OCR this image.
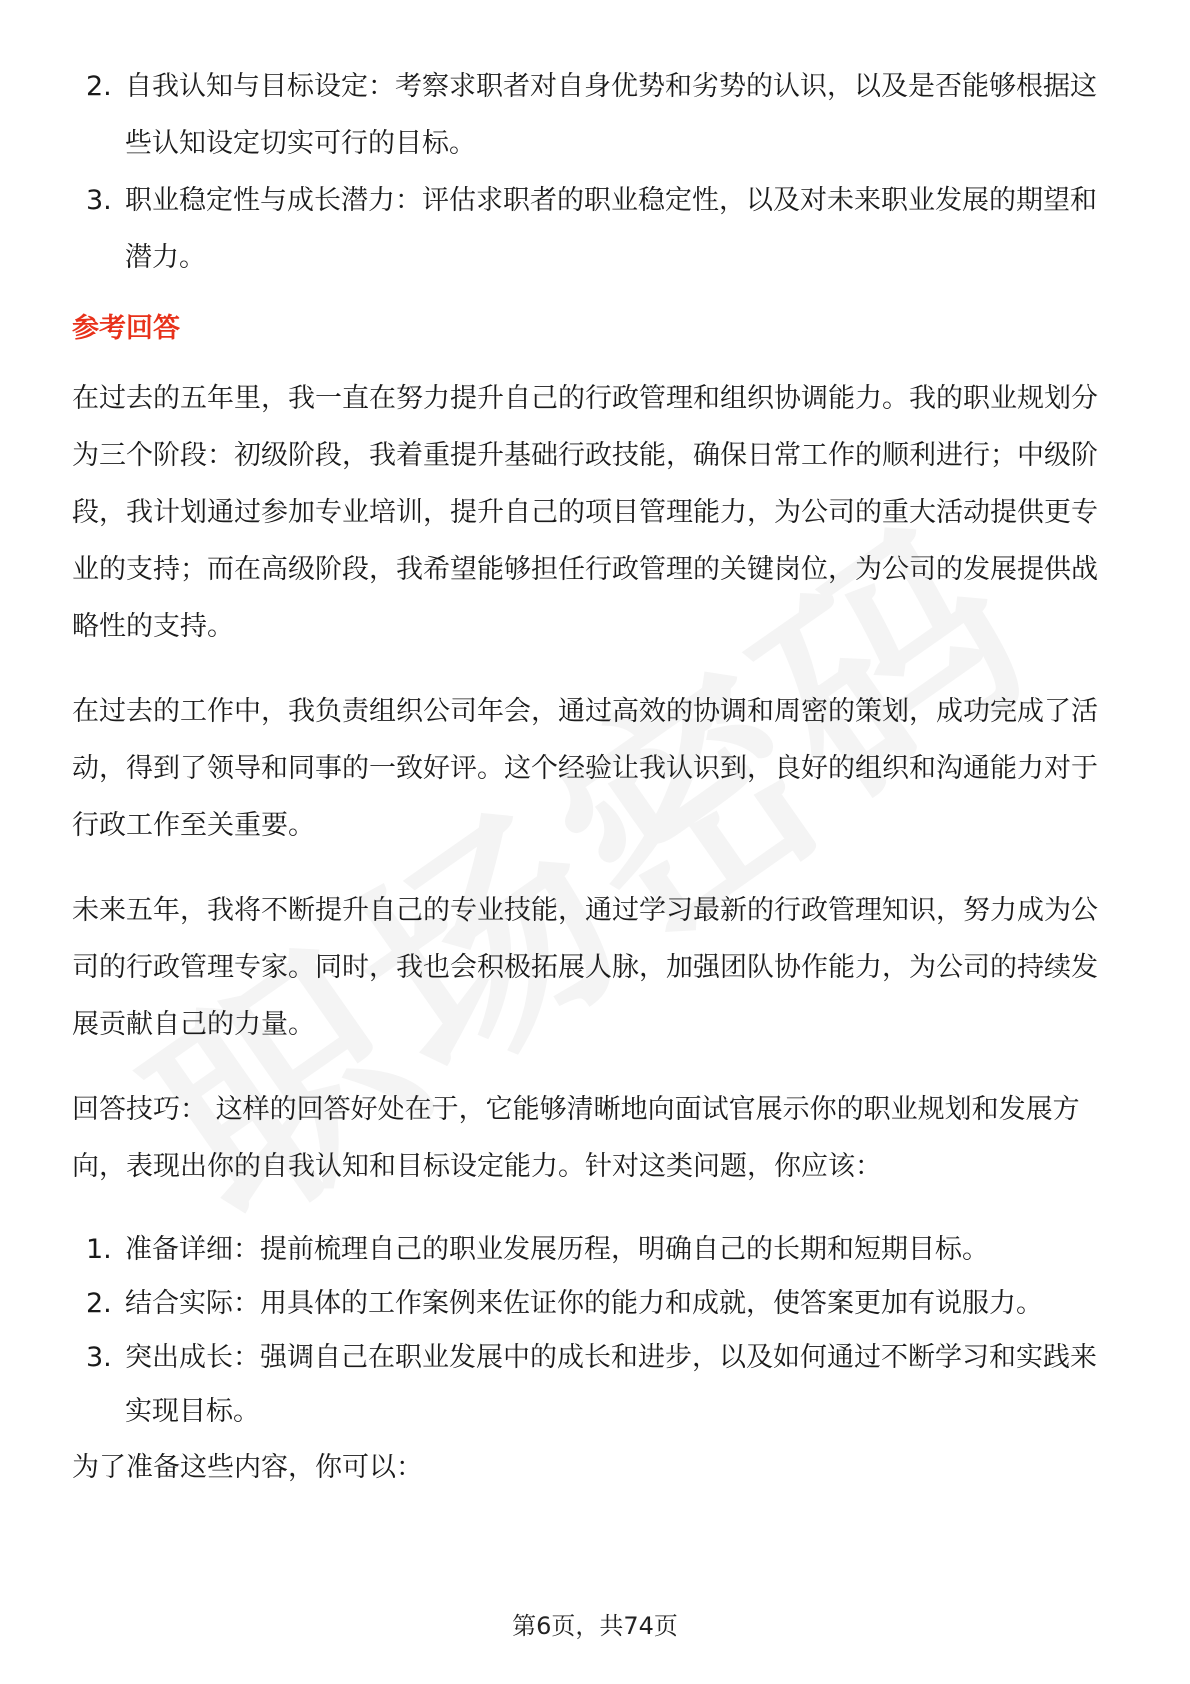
2. 自我认知与目标设定：考察求职者对自身优势和劣势的认识，以及是否能够根据这些认知设定切实可行的目标。
3. 职业稳定性与成长潜力：评估求职者的职业稳定性，以及对未来职业发展的期望和潜力。
参考回答

在过去的五年里，我一直在努力提升自己的行政管理和组织协调能力。我的职业规划分为三个阶段：初级阶段，我着重提升基础行政技能，确保日常工作的顺利进行；中级阶段，我计划通过参加专业培训，提升自己的项目管理能力，为公司的重大活动提供更专业的支持；而在高级阶段，我希望能够担任行政管理的关键岗位，为公司的发展提供战略性的支持。

在过去的工作中，我负责组织公司年会，通过高效的协调和周密的策划，成功完成了活动，得到了领导和同事的一致好评。这个经验让我认识到，良好的组织和沟通能力对于行政工作至关重要。

未来五年，我将不断提升自己的专业技能，通过学习最新的行政管理知识，努力成为公司的行政管理专家。同时，我也会积极拓展人脉，加强团队协作能力，为公司的持续发展贡献自己的力量。

回答技巧： 这样的回答好处在于，它能够清晰地向面试官展示你的职业规划和发展方向，表现出你的自我认知和目标设定能力。针对这类问题，你应该：

1. 准备详细：提前梳理自己的职业发展历程，明确自己的长期和短期目标。
2. 结合实际：用具体的工作案例来佐证你的能力和成就，使答案更加有说服力。
3. 突出成长：强调自己在职业发展中的成长和进步，以及如何通过不断学习和实践来实现目标。

为了准备这些内容，你可以：

第6页，共74页
